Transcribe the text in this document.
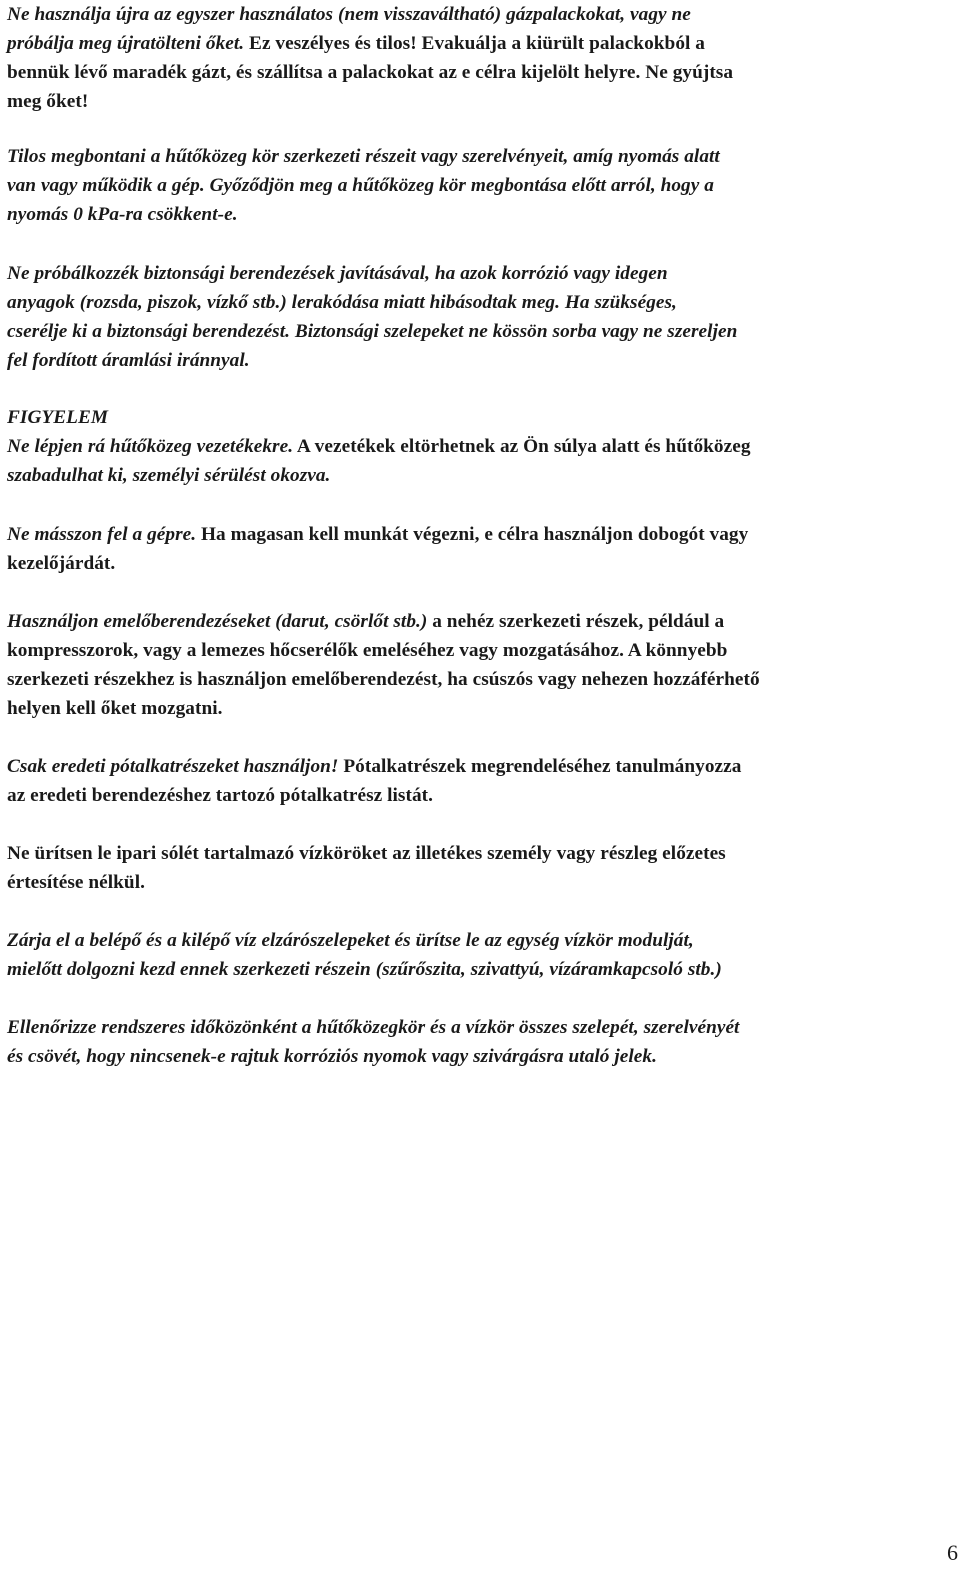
Ne használja újra az egyszer használatos (nem visszaváltható) gázpalackokat, vagy ne
próbálja meg újratölteni őket. Ez veszélyes és tilos! Evakuálja a kiürült palackokból a
bennük lévő maradék gázt, és szállítsa a palackokat az e célra kijelölt helyre. Ne gyújtsa
meg őket!
Tilos megbontani a hűtőközeg kör szerkezeti részeit vagy szerelvényeit, amíg nyomás alatt
van vagy működik a gép. Győződjön meg a hűtőközeg kör megbontása előtt arról, hogy a
nyomás 0 kPa-ra csökkent-e.
Ne próbálkozzék biztonsági berendezések javításával, ha azok korrózió vagy idegen
anyagok (rozsda, piszok, vízkő stb.) lerakódása miatt hibásodtak meg. Ha szükséges,
cserélje ki a biztonsági berendezést. Biztonsági szelepeket ne kössön sorba vagy ne szereljen
fel fordított áramlási iránnyal.
FIGYELEM
Ne lépjen rá hűtőközeg vezetékekre. A vezetékek eltörhetnek az Ön súlya alatt és hűtőközeg
szabadulhat ki, személyi sérülést okozva.
Ne másszon fel a gépre. Ha magasan kell munkát végezni, e célra használjon dobogót vagy
kezelőjárdát.
Használjon emelőberendezéseket (darut, csörlőt stb.) a nehéz szerkezeti részek, például a
kompresszorok, vagy a lemezes hőcserélők emeléséhez vagy mozgatásához. A könnyebb
szerkezeti részekhez is használjon emelőberendezést, ha csúszós vagy nehezen hozzáférhető
helyen kell őket mozgatni.
Csak eredeti pótalkatrészeket használjon! Pótalkatrészek megrendeléséhez tanulmányozza
az eredeti berendezéshez tartozó pótalkatrész listát.
Ne ürítsen le ipari sólét tartalmazó vízköröket az illetékes személy vagy részleg előzetes
értesítése nélkül.
Zárja el a belépő és a kilépő víz elzárószelepeket és ürítse le az egység vízkör modulját,
mielőtt dolgozni kezd ennek szerkezeti részein (szűrőszita, szivattyú, vízáramkapcsoló stb.)
Ellenőrizze rendszeres időközönként a hűtőközegkör és a vízkör összes szelepét, szerelvényét
és csövét, hogy nincsenek-e rajtuk korróziós nyomok vagy szivárgásra utaló jelek.
6
